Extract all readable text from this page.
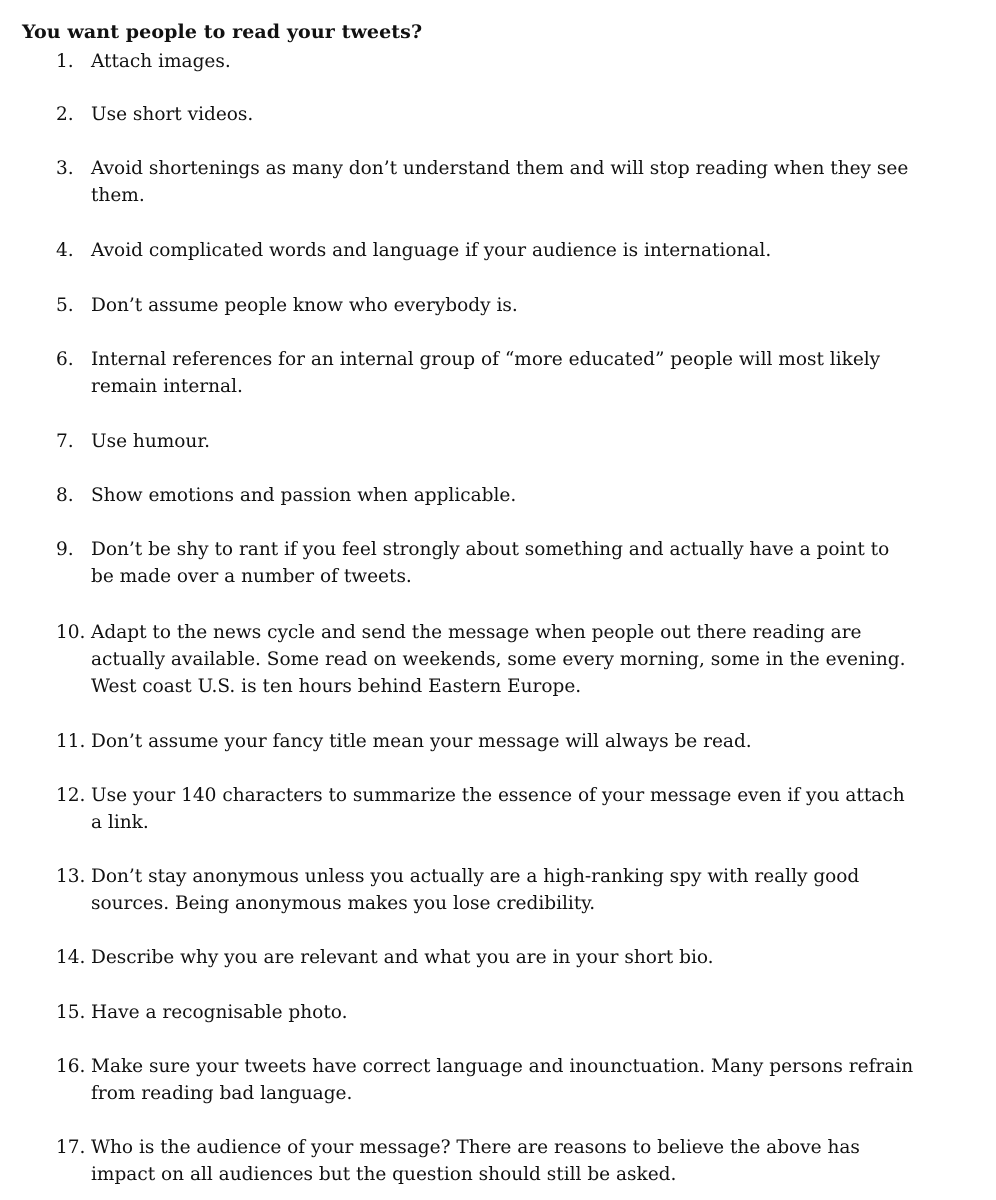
You want people to read your tweets?
1. Attach images.
2. Use short videos.
3. Avoid shortenings as many don’t understand them and will stop reading when they see them.
4. Avoid complicated words and language if your audience is international.
5. Don’t assume people know who everybody is.
6. Internal references for an internal group of “more educated” people will most likely remain internal.
7. Use humour.
8. Show emotions and passion when applicable.
9. Don’t be shy to rant if you feel strongly about something and actually have a point to be made over a number of tweets.
10. Adapt to the news cycle and send the message when people out there reading are actually available. Some read on weekends, some every morning, some in the evening. West coast U.S. is ten hours behind Eastern Europe.
11. Don’t assume your fancy title mean your message will always be read.
12. Use your 140 characters to summarize the essence of your message even if you attach a link.
13. Don’t stay anonymous unless you actually are a high-ranking spy with really good sources. Being anonymous makes you lose credibility.
14. Describe why you are relevant and what you are in your short bio.
15. Have a recognisable photo.
16. Make sure your tweets have correct language and inounctuation. Many persons refrain from reading bad language.
17. Who is the audience of your message? There are reasons to believe the above has impact on all audiences but the question should still be asked.
